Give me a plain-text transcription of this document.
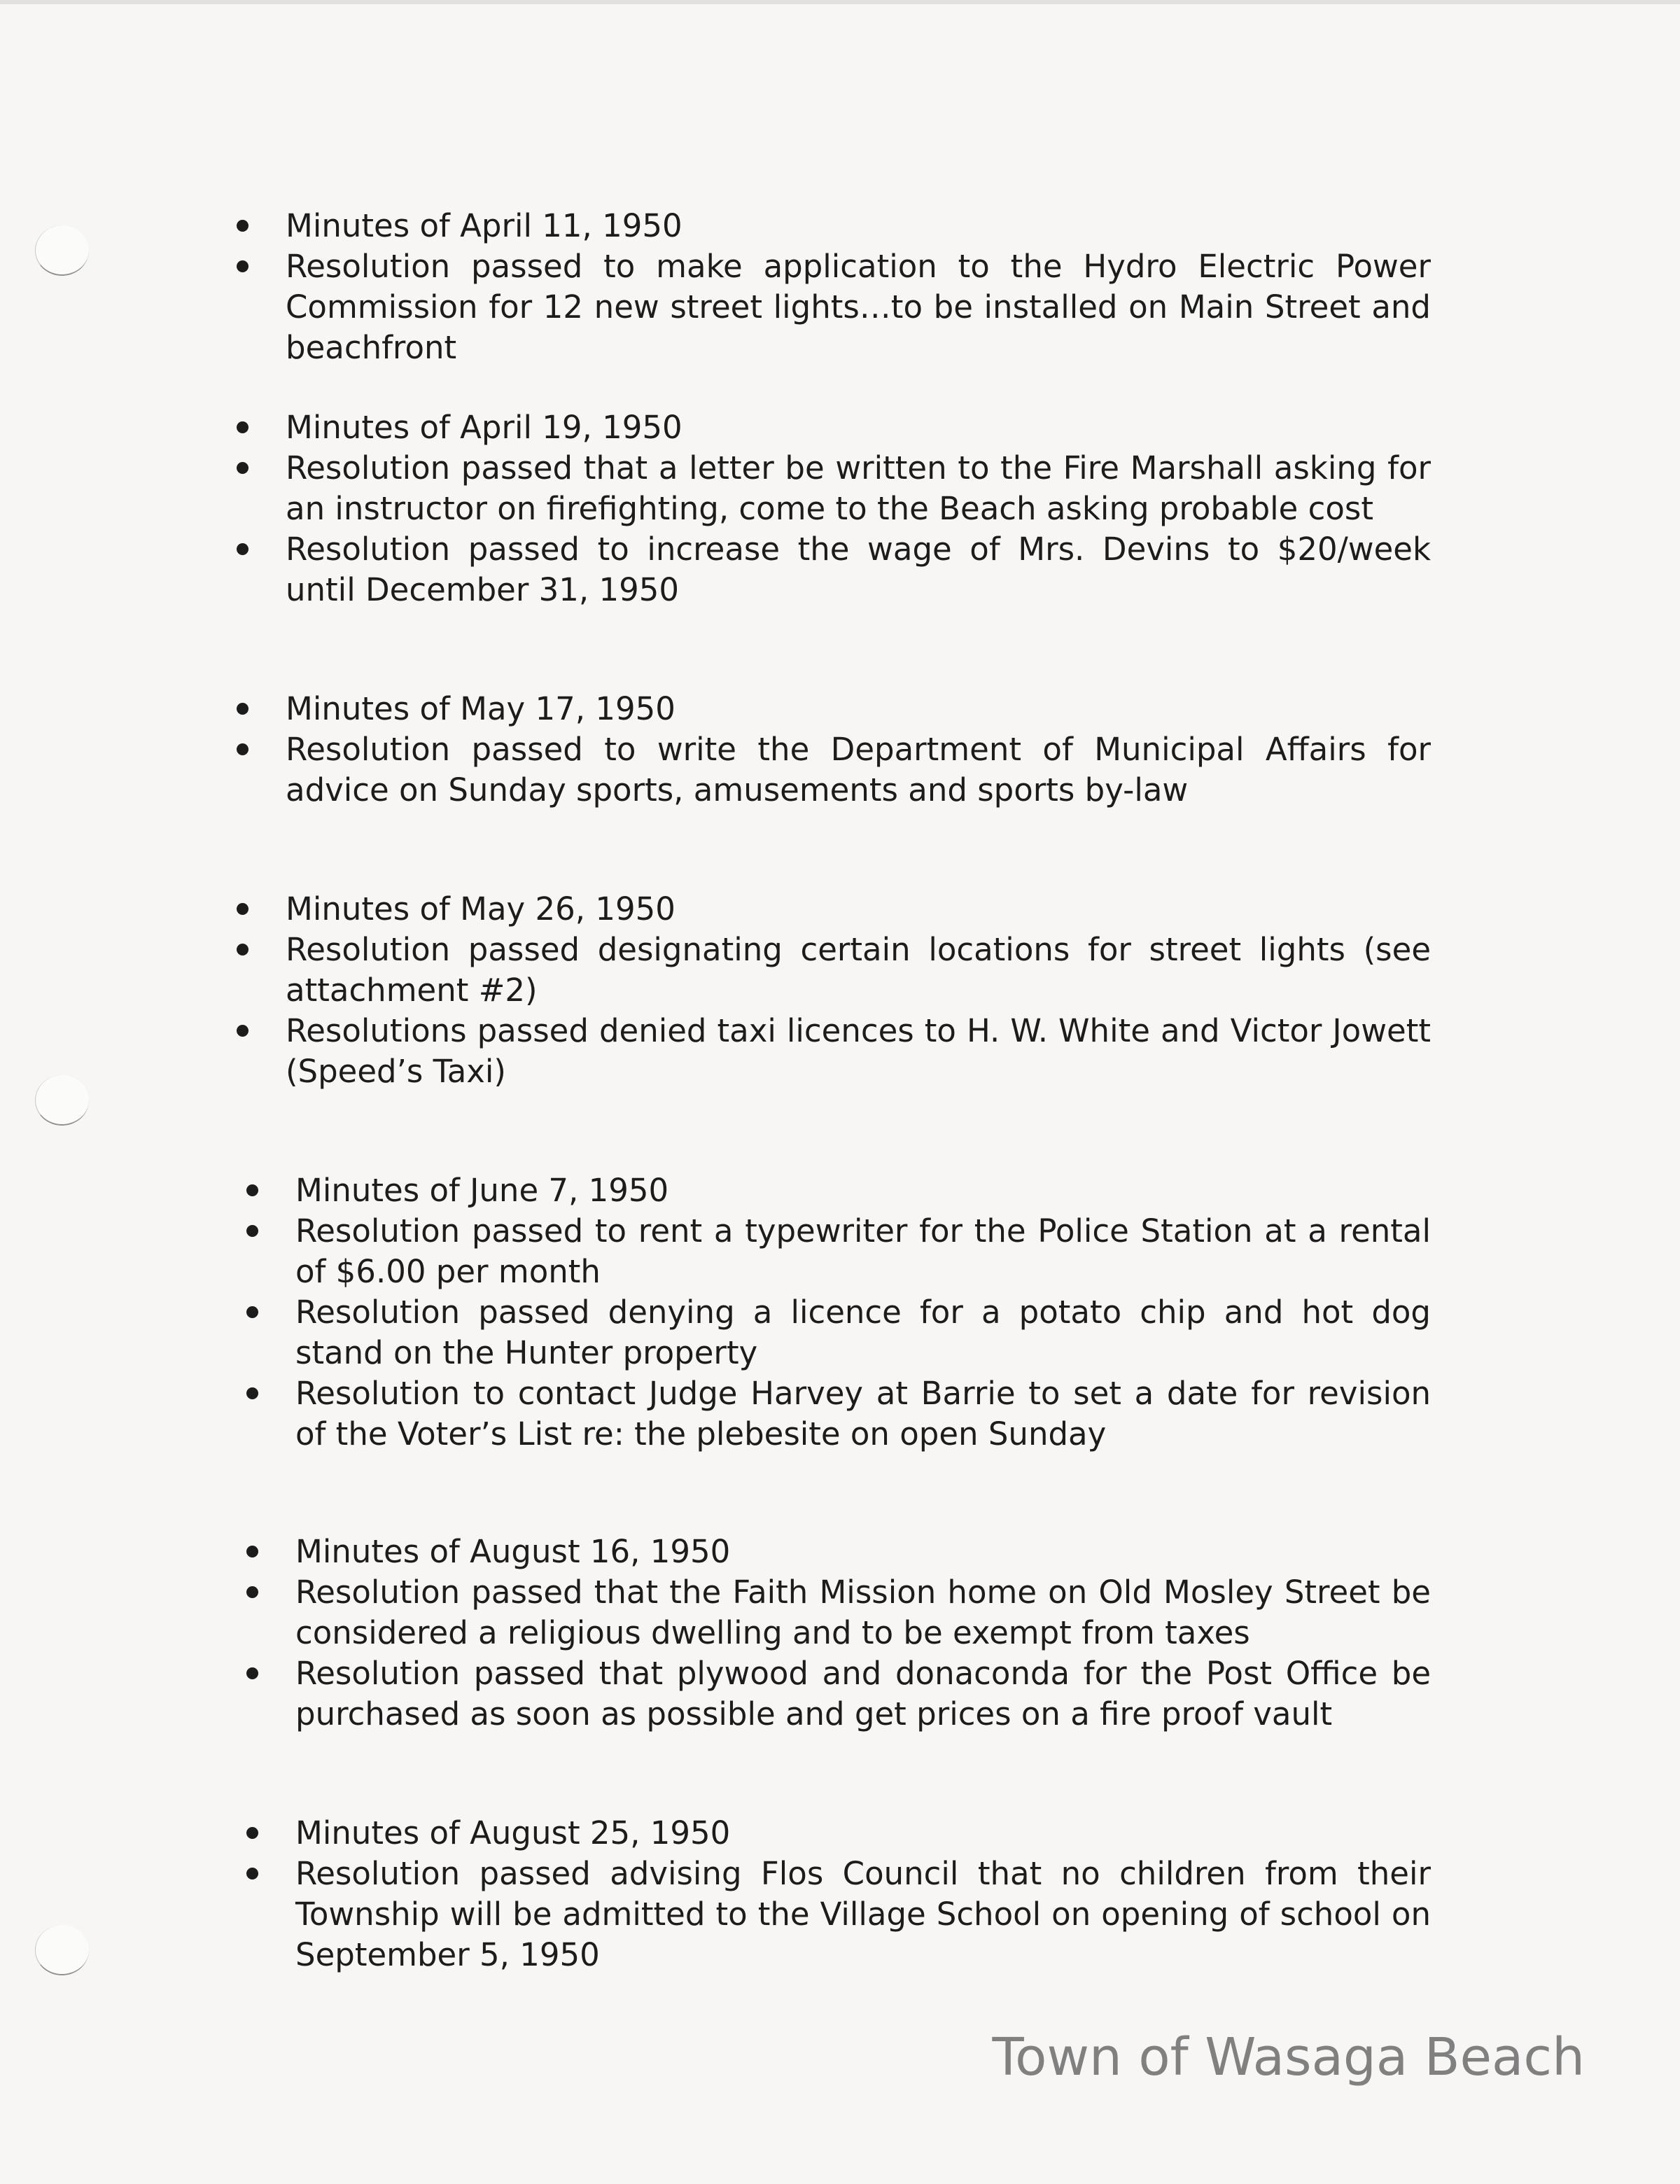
Minutes of April 11, 1950
Resolution passed to make application to the Hydro Electric Power Commission for 12 new street lights…to be installed on Main Street and beachfront
Minutes of April 19, 1950
Resolution passed that a letter be written to the Fire Marshall asking for an instructor on firefighting, come to the Beach asking probable cost
Resolution passed to increase the wage of Mrs. Devins to $20/week until December 31, 1950
Minutes of May 17, 1950
Resolution passed to write the Department of Municipal Affairs for advice on Sunday sports, amusements and sports by-law
Minutes of May 26, 1950
Resolution passed designating certain locations for street lights (see attachment #2)
Resolutions passed denied taxi licences to H. W. White and Victor Jowett (Speed’s Taxi)
Minutes of June 7, 1950
Resolution passed to rent a typewriter for the Police Station at a rental of $6.00 per month
Resolution passed denying a licence for a potato chip and hot dog stand on the Hunter property
Resolution to contact Judge Harvey at Barrie to set a date for revision of the Voter’s List re: the plebesite on open Sunday
Minutes of August 16, 1950
Resolution passed that the Faith Mission home on Old Mosley Street be considered a religious dwelling and to be exempt from taxes
Resolution passed that plywood and donaconda for the Post Office be purchased as soon as possible and get prices on a fire proof vault
Minutes of August 25, 1950
Resolution passed advising Flos Council that no children from their Township will be admitted to the Village School on opening of school on September 5, 1950
Town of Wasaga Beach
